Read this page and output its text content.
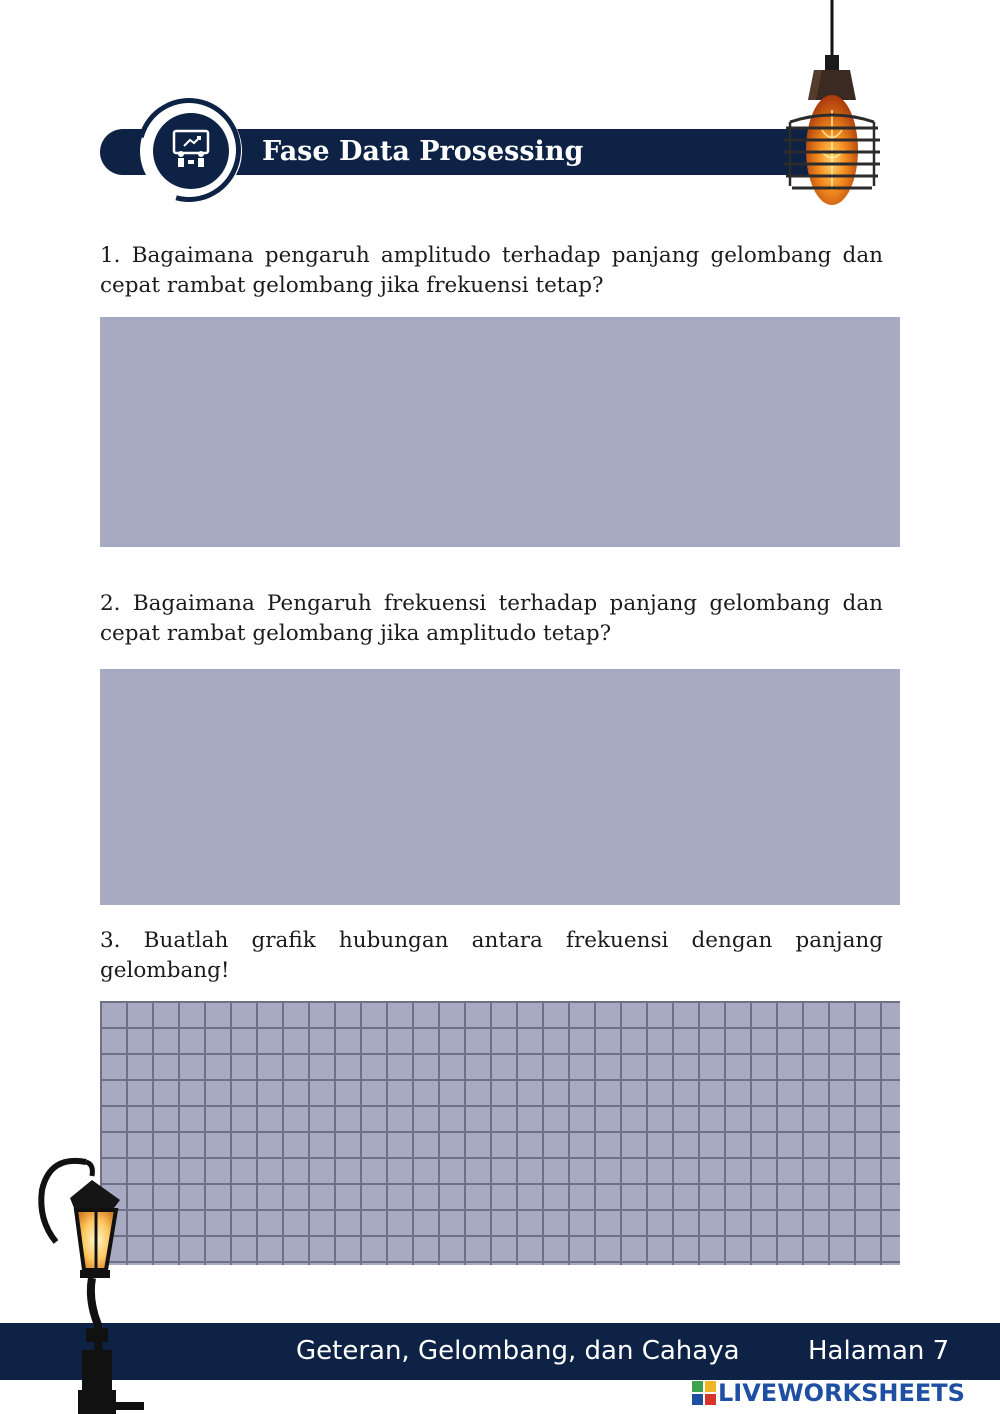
Fase Data Prosessing
1. Bagaimana pengaruh amplitudo terhadap panjang gelombang dan cepat rambat gelombang jika frekuensi tetap?
2. Bagaimana Pengaruh frekuensi terhadap panjang gelombang dan cepat rambat gelombang jika amplitudo tetap?
3. Buatlah grafik hubungan antara frekuensi dengan panjang gelombang!
Geteran, Gelombang, dan Cahaya	Halaman 7
LIVEWORKSHEETS
